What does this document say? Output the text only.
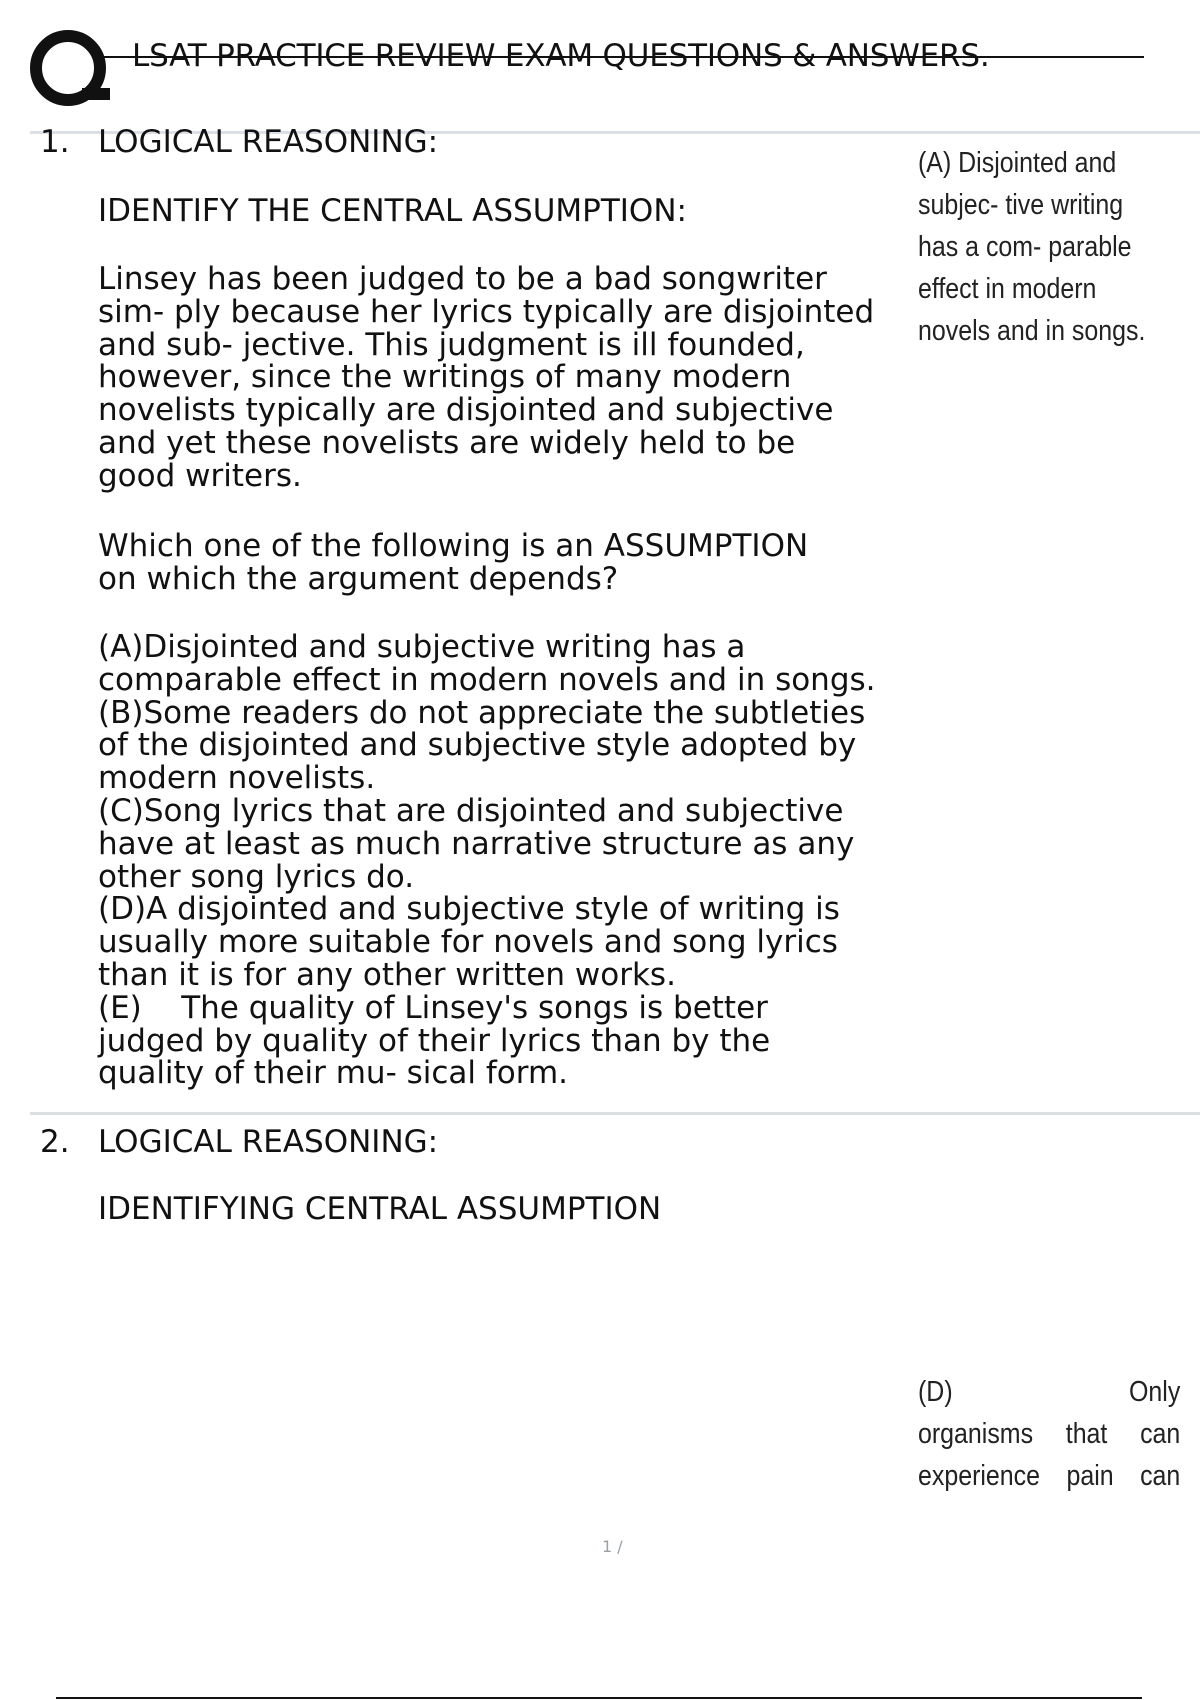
LSAT PRACTICE REVIEW EXAM QUESTIONS & ANSWERS.
1. LOGICAL REASONING:
IDENTIFY THE CENTRAL ASSUMPTION:

Linsey has been judged to be a bad songwriter

sim- ply because her lyrics typically are disjointed

and sub- jective. This judgment is ill founded,

however, since the writings of many modern

novelists typically are disjointed and subjective

and yet these novelists are widely held to be

good writers.

Which one of the following is an ASSUMPTION

on which the argument depends?

(A)Disjointed and subjective writing has a

comparable effect in modern novels and in songs.

(B)Some readers do not appreciate the subtleties

of the disjointed and subjective style adopted by

modern novelists.

(C)Song lyrics that are disjointed and subjective

have at least as much narrative structure as any

other song lyrics do.

(D)A disjointed and subjective style of writing is

usually more suitable for novels and song lyrics

than it is for any other written works.

(E)    The quality of Linsey's songs is better

judged by quality of their lyrics than by the

quality of their mu- sical form.

(A) Disjointed and
subjec- tive writing
has a com- parable
effect in modern
novels and in songs.
2. LOGICAL REASONING:
IDENTIFYING CENTRAL ASSUMPTION
(D)  Only
organisms  that  can
experience  pain  can
1 /
